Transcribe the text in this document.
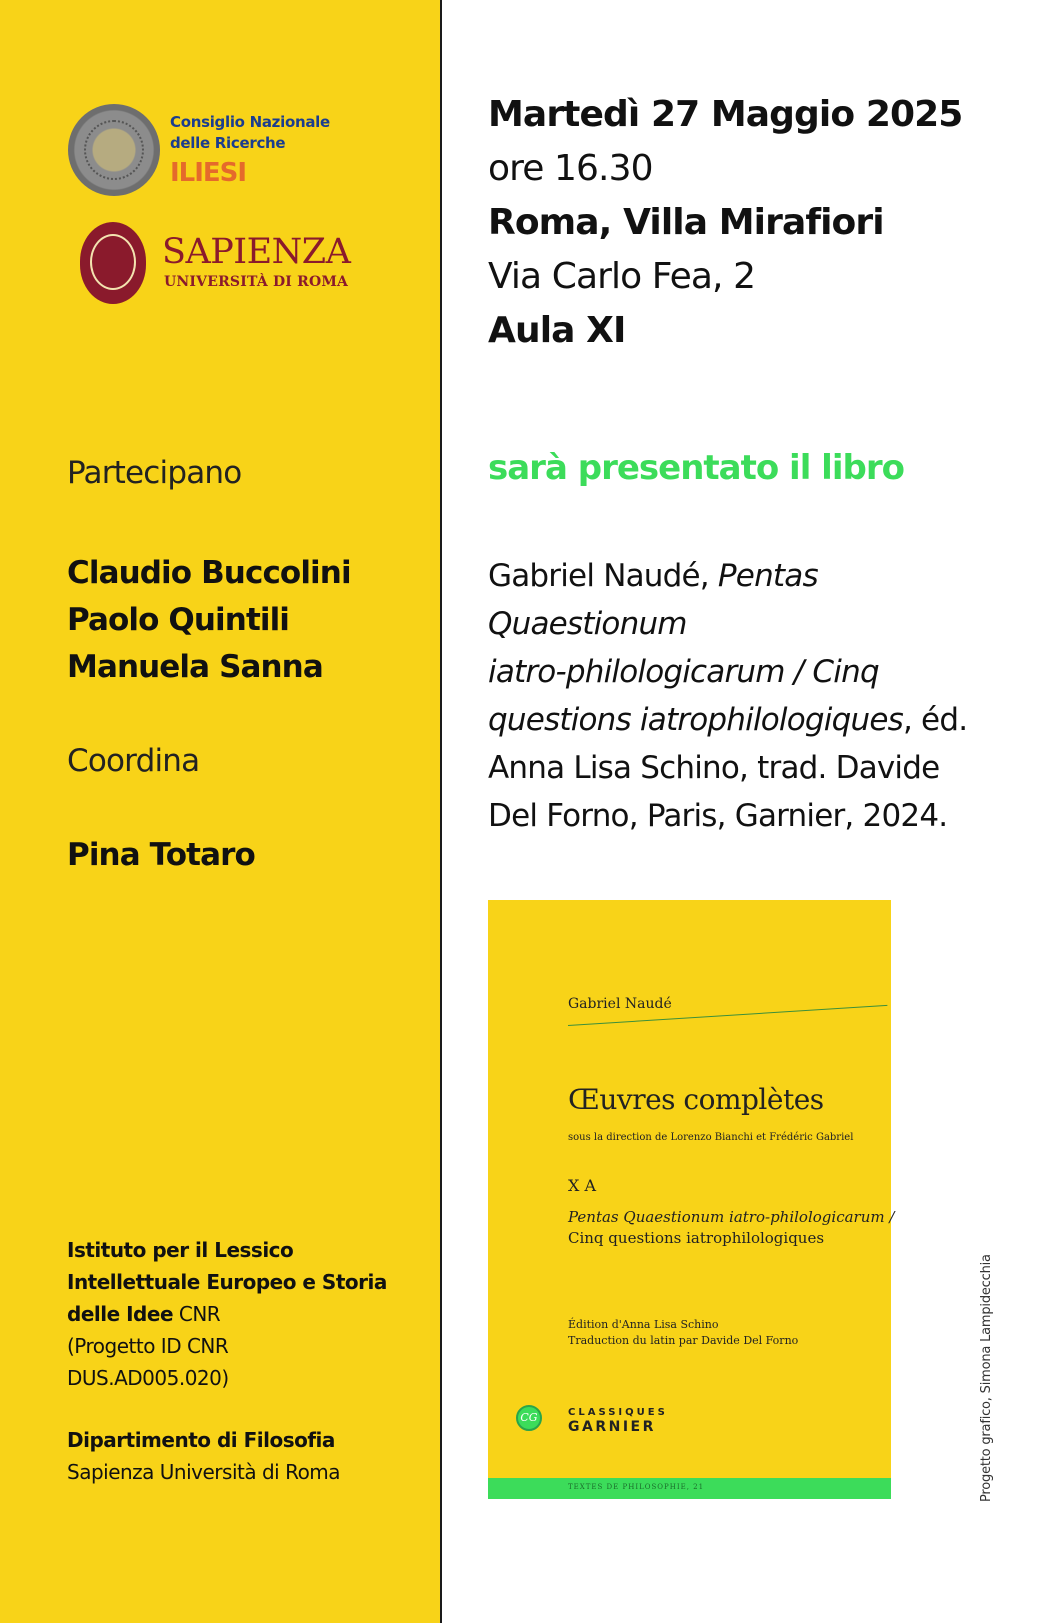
Consiglio Nazionale
delle Ricerche
ILIESI
SAPIENZA
UNIVERSITÀ DI ROMA
Partecipano
Claudio Buccolini
Paolo Quintili
Manuela Sanna
Coordina
Pina Totaro
Istituto per il Lessico
Intellettuale Europeo e Storia
delle Idee CNR
(Progetto ID CNR
DUS.AD005.020)
Dipartimento di Filosofia
Sapienza Università di Roma
Martedì 27 Maggio 2025
ore 16.30
Roma, Villa Mirafiori
Via Carlo Fea, 2
Aula XI
sarà presentato il libro
Gabriel Naudé, Pentas
Quaestionum
iatro-philologicarum / Cinq
questions iatrophilologiques, éd.
Anna Lisa Schino, trad. Davide
Del Forno, Paris, Garnier, 2024.
Gabriel Naudé
Œuvres complètes
sous la direction de Lorenzo Bianchi et Frédéric Gabriel
X A
Pentas Quaestionum iatro-philologicarum /
Cinq questions iatrophilologiques
Édition d'Anna Lisa Schino
Traduction du latin par Davide Del Forno
CG	CLASSIQUES
GARNIER
TEXTES DE PHILOSOPHIE, 21	Progetto grafico, Simona Lampidecchia
